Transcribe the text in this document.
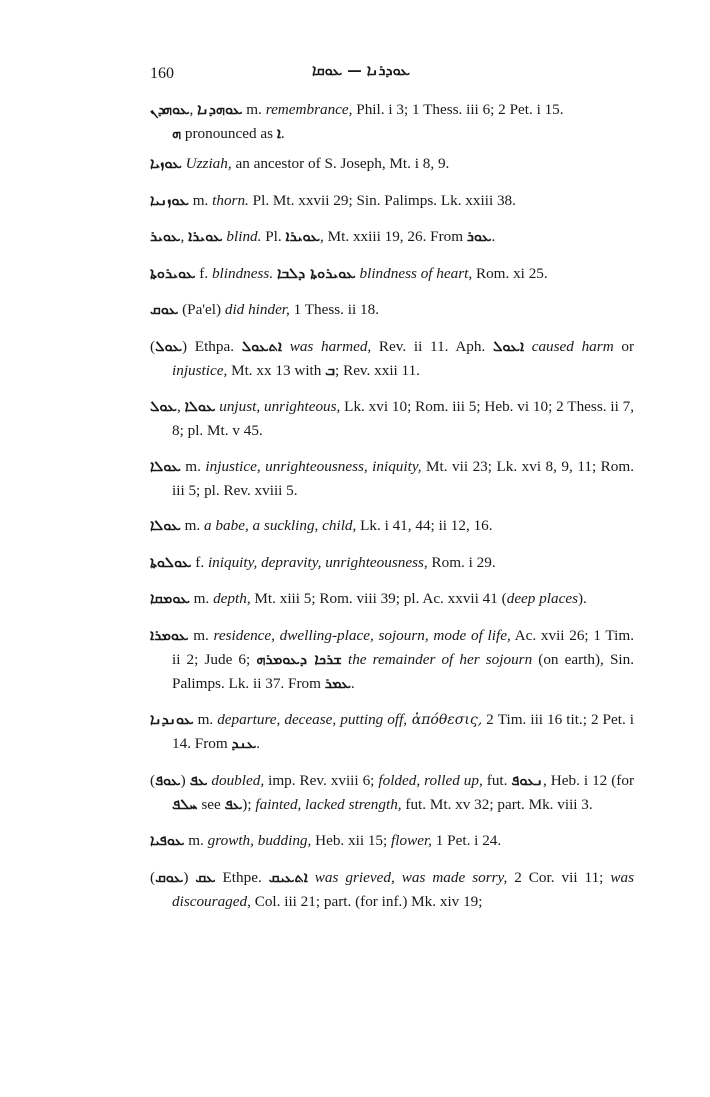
160	ܥܘܕܪܢܐ — ܥܘܩܐ

ܥܘܗܕܢ, ܥܘܗܕܢܐ m. remembrance, Phil. i 3; 1 Thess. iii 6; 2 Pet. i 15.
ܗ pronounced as ܐ.

ܥܘܙܝܐ Uzziah, an ancestor of S. Joseph, Mt. i 8, 9.

ܥܘܙܢܝܐ m. thorn. Pl. Mt. xxvii 29; Sin. Palimps. Lk. xxiii 38.

ܥܘܝܪ, ܥܘܝܪܐ blind. Pl. ܥܘܝܪܐ, Mt. xxiii 19, 26. From ܥܘܪ.

ܥܘܝܪܘܬܐ f. blindness. ܥܘܝܪܘܬܐ ܕܠܒܐ blindness of heart, Rom. xi 25.

ܥܘܩ (Pa'el) did hinder, 1 Thess. ii 18.

(ܥܘܠ) Ethpa. ܐܬܥܘܠ was harmed, Rev. ii 11. Aph. ܐܥܘܠ caused harm or injustice, Mt. xx 13 with ܒ; Rev. xxii 11.

ܥܘܠ, ܥܘܠܐ unjust, unrighteous, Lk. xvi 10; Rom. iii 5; Heb. vi 10; 2 Thess. ii 7, 8; pl. Mt. v 45.

ܥܘܠܐ m. injustice, unrighteousness, iniquity, Mt. vii 23; Lk. xvi 8, 9, 11; Rom. iii 5; pl. Rev. xviii 5.

ܥܘܠܐ m. a babe, a suckling, child, Lk. i 41, 44; ii 12, 16.

ܥܘܠܘܬܐ f. iniquity, depravity, unrighteousness, Rom. i 29.

ܥܘܡܩܐ m. depth, Mt. xiii 5; Rom. viii 39; pl. Ac. xxvii 41 (deep places).

ܥܘܡܪܐ m. residence, dwelling-place, sojourn, mode of life, Ac. xvii 26; 1 Tim. ii 2; Jude 6; ܫܪܟܐ ܕܥܘܡܪܗ the remainder of her sojourn (on earth), Sin. Palimps. Lk. ii 37. From ܥܡܪ.

ܥܘܢܕܢܐ m. departure, decease, putting off, ἀπόθεσις, 2 Tim. iii 16 tit.; 2 Pet. i 14. From ܥܢܕ.

(ܥܘܦ) ܥܦ doubled, imp. Rev. xviii 6; folded, rolled up, fut. ܢܥܘܦ, Heb. i 12 (for ܚܠܦ see ܥܦ); fainted, lacked strength, fut. Mt. xv 32; part. Mk. viii 3.

ܥܘܦܝܐ m. growth, budding, Heb. xii 15; flower, 1 Pet. i 24.

(ܥܘܩ) ܥܩ Ethpe. ܐܬܥܝܩ was grieved, was made sorry, 2 Cor. vii 11; was discouraged, Col. iii 21; part. (for inf.) Mk. xiv 19;
